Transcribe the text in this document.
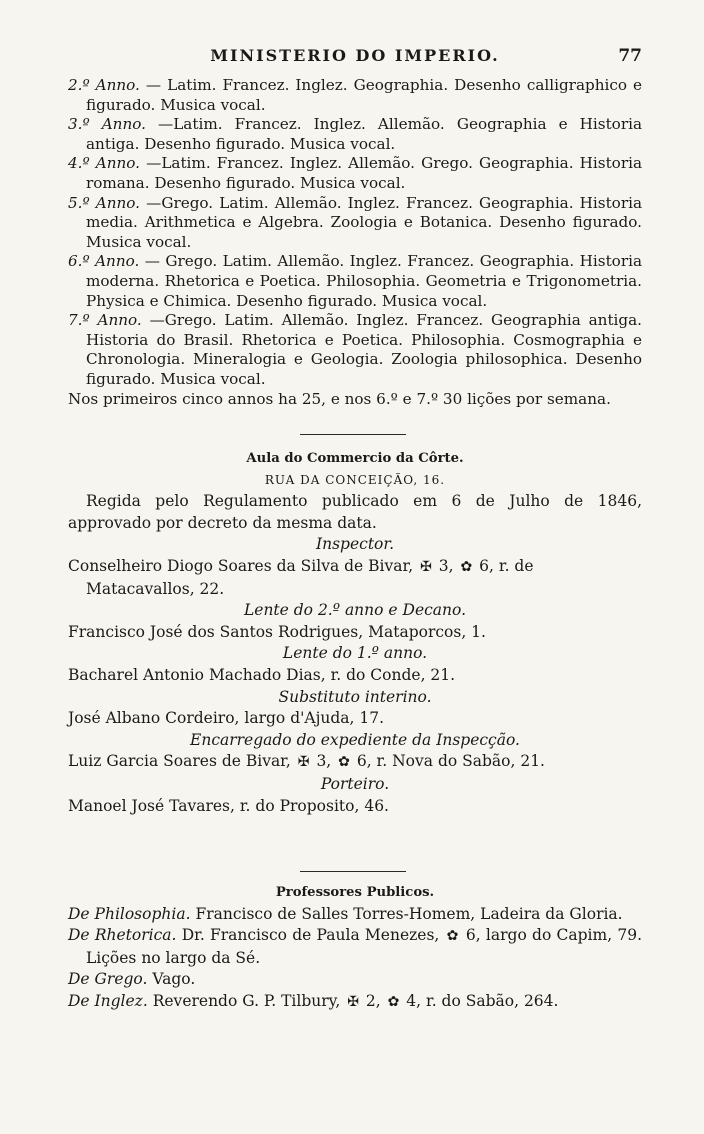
MINISTERIO DO IMPERIO.	77
2.º Anno. — Latim. Francez. Inglez. Geographia. Desenho calligraphico e figurado. Musica vocal.
3.º Anno. —Latim. Francez. Inglez. Allemão. Geographia e Historia antiga. Desenho figurado. Musica vocal.
4.º Anno. —Latim. Francez. Inglez. Allemão. Grego. Geographia. Historia romana. Desenho figurado. Musica vocal.
5.º Anno. —Grego. Latim. Allemão. Inglez. Francez. Geographia. Historia media. Arithmetica e Algebra. Zoologia e Botanica. Desenho figurado. Musica vocal.
6.º Anno. — Grego. Latim. Allemão. Inglez. Francez. Geographia. Historia moderna. Rhetorica e Poetica. Philosophia. Geometria e Trigonometria. Physica e Chimica. Desenho figurado. Musica vocal.
7.º Anno. —Grego. Latim. Allemão. Inglez. Francez. Geographia antiga. Historia do Brasil. Rhetorica e Poetica. Philosophia. Cosmographia e Chronologia. Mineralogia e Geologia. Zoologia philosophica. Desenho figurado. Musica vocal.
Nos primeiros cinco annos ha 25, e nos 6.º e 7.º 30 lições por semana.
Aula do Commercio da Côrte.
RUA DA CONCEIÇÃO, 16.
Regida pelo Regulamento publicado em 6 de Julho de 1846, approvado por decreto da mesma data.
Inspector.
Conselheiro Diogo Soares da Silva de Bivar, ✠ 3, ✿ 6, r. de Matacavallos, 22.
Lente do 2.º anno e Decano.
Francisco José dos Santos Rodrigues, Mataporcos, 1.
Lente do 1.º anno.
Bacharel Antonio Machado Dias, r. do Conde, 21.
Substituto interino.
José Albano Cordeiro, largo d'Ajuda, 17.
Encarregado do expediente da Inspecção.
Luiz Garcia Soares de Bivar, ✠ 3, ✿ 6, r. Nova do Sabão, 21.
Porteiro.
Manoel José Tavares, r. do Proposito, 46.
Professores Publicos.
De Philosophia. Francisco de Salles Torres-Homem, Ladeira da Gloria.
De Rhetorica. Dr. Francisco de Paula Menezes, ✿ 6, largo do Capim, 79. Lições no largo da Sé.
De Grego. Vago.
De Inglez. Reverendo G. P. Tilbury, ✠ 2, ✿ 4, r. do Sabão, 264.
